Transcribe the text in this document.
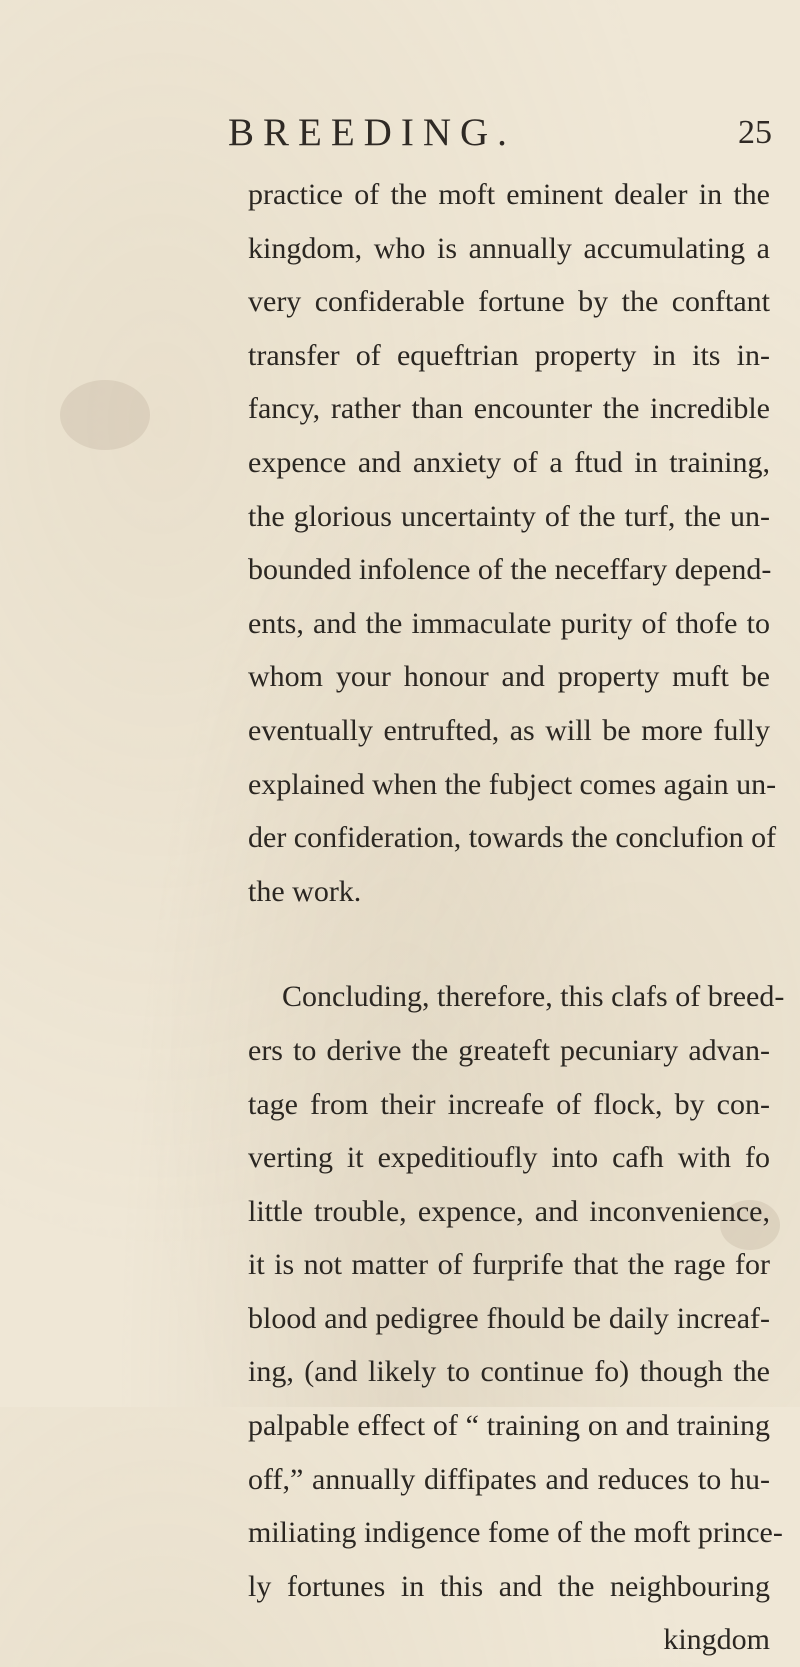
BREEDING.	25
practice of the moft eminent dealer in the
kingdom, who is annually accumulating a
very confiderable fortune by the conftant
transfer of equeftrian property in its in-
fancy, rather than encounter the incredible
expence and anxiety of a ftud in training,
the glorious uncertainty of the turf, the un-
bounded infolence of the neceffary depend-
ents, and the immaculate purity of thofe to
whom your honour and property muft be
eventually entrufted, as will be more fully
explained when the fubject comes again un-
der confideration, towards the conclufion of
the work.
Concluding, therefore, this clafs of breed-
ers to derive the greateft pecuniary advan-
tage from their increafe of flock, by con-
verting it expeditioufly into cafh with fo
little trouble, expence, and inconvenience,
it is not matter of furprife that the rage for
blood and pedigree fhould be daily increaf-
ing, (and likely to continue fo) though the
palpable effect of “ training on and training
off,” annually diffipates and reduces to hu-
miliating indigence fome of the moft prince-
ly fortunes in this and the neighbouring
kingdom
